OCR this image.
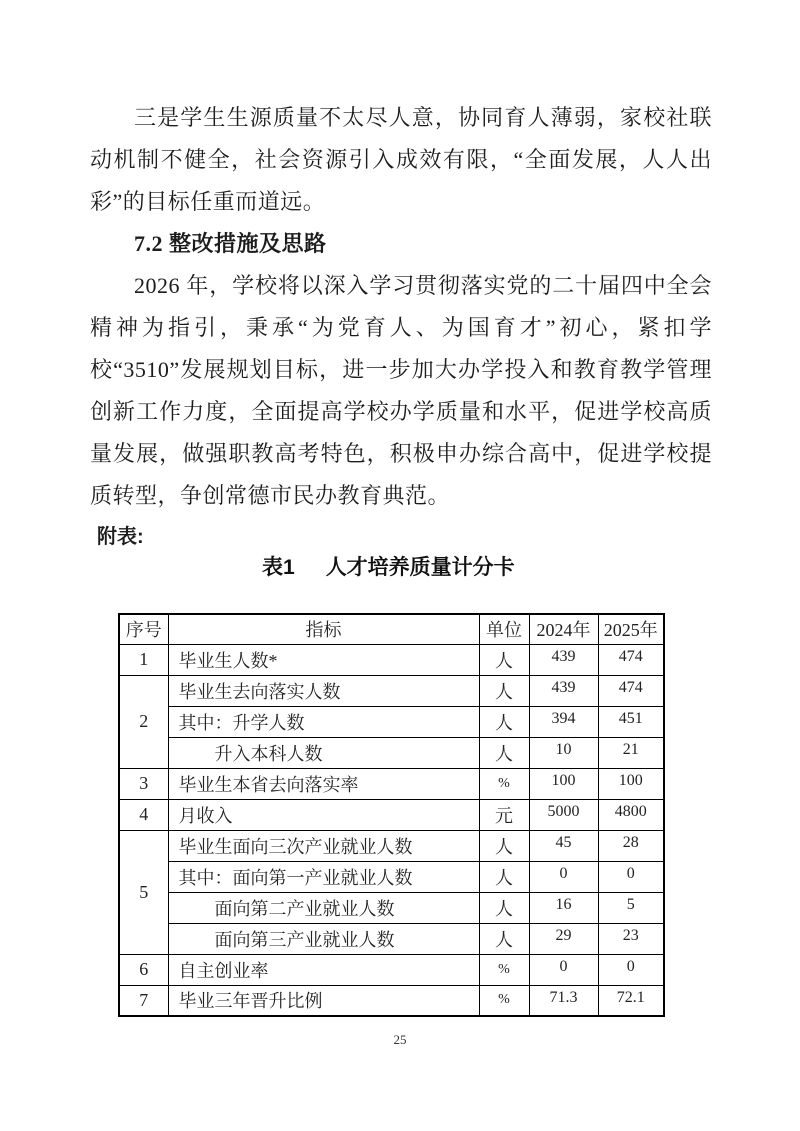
三是学生生源质量不太尽人意，协同育人薄弱，家校社联动机制不健全，社会资源引入成效有限，“全面发展，人人出彩”的目标任重而道远。

7.2 整改措施及思路

2026 年，学校将以深入学习贯彻落实党的二十届四中全会精神为指引，秉承“为党育人、为国育才”初心，紧扣学校“3510”发展规划目标，进一步加大办学投入和教育教学管理创新工作力度，全面提高学校办学质量和水平，促进学校高质量发展，做强职教高考特色，积极申办综合高中，促进学校提质转型，争创常德市民办教育典范。

附表:
表1 人才培养质量计分卡
序号	指标	单位	2024年	2025年
1	毕业生人数*	人	439	474
2	毕业生去向落实人数	人	439	474
	其中：升学人数	人	394	451
	升入本科人数	人	10	21
3	毕业生本省去向落实率	%	100	100
4	月收入	元	5000	4800
5	毕业生面向三次产业就业人数	人	45	28
	其中：面向第一产业就业人数	人	0	0
	面向第二产业就业人数	人	16	5
	面向第三产业就业人数	人	29	23
6	自主创业率	%	0	0
7	毕业三年晋升比例	%	71.3	72.1
25
